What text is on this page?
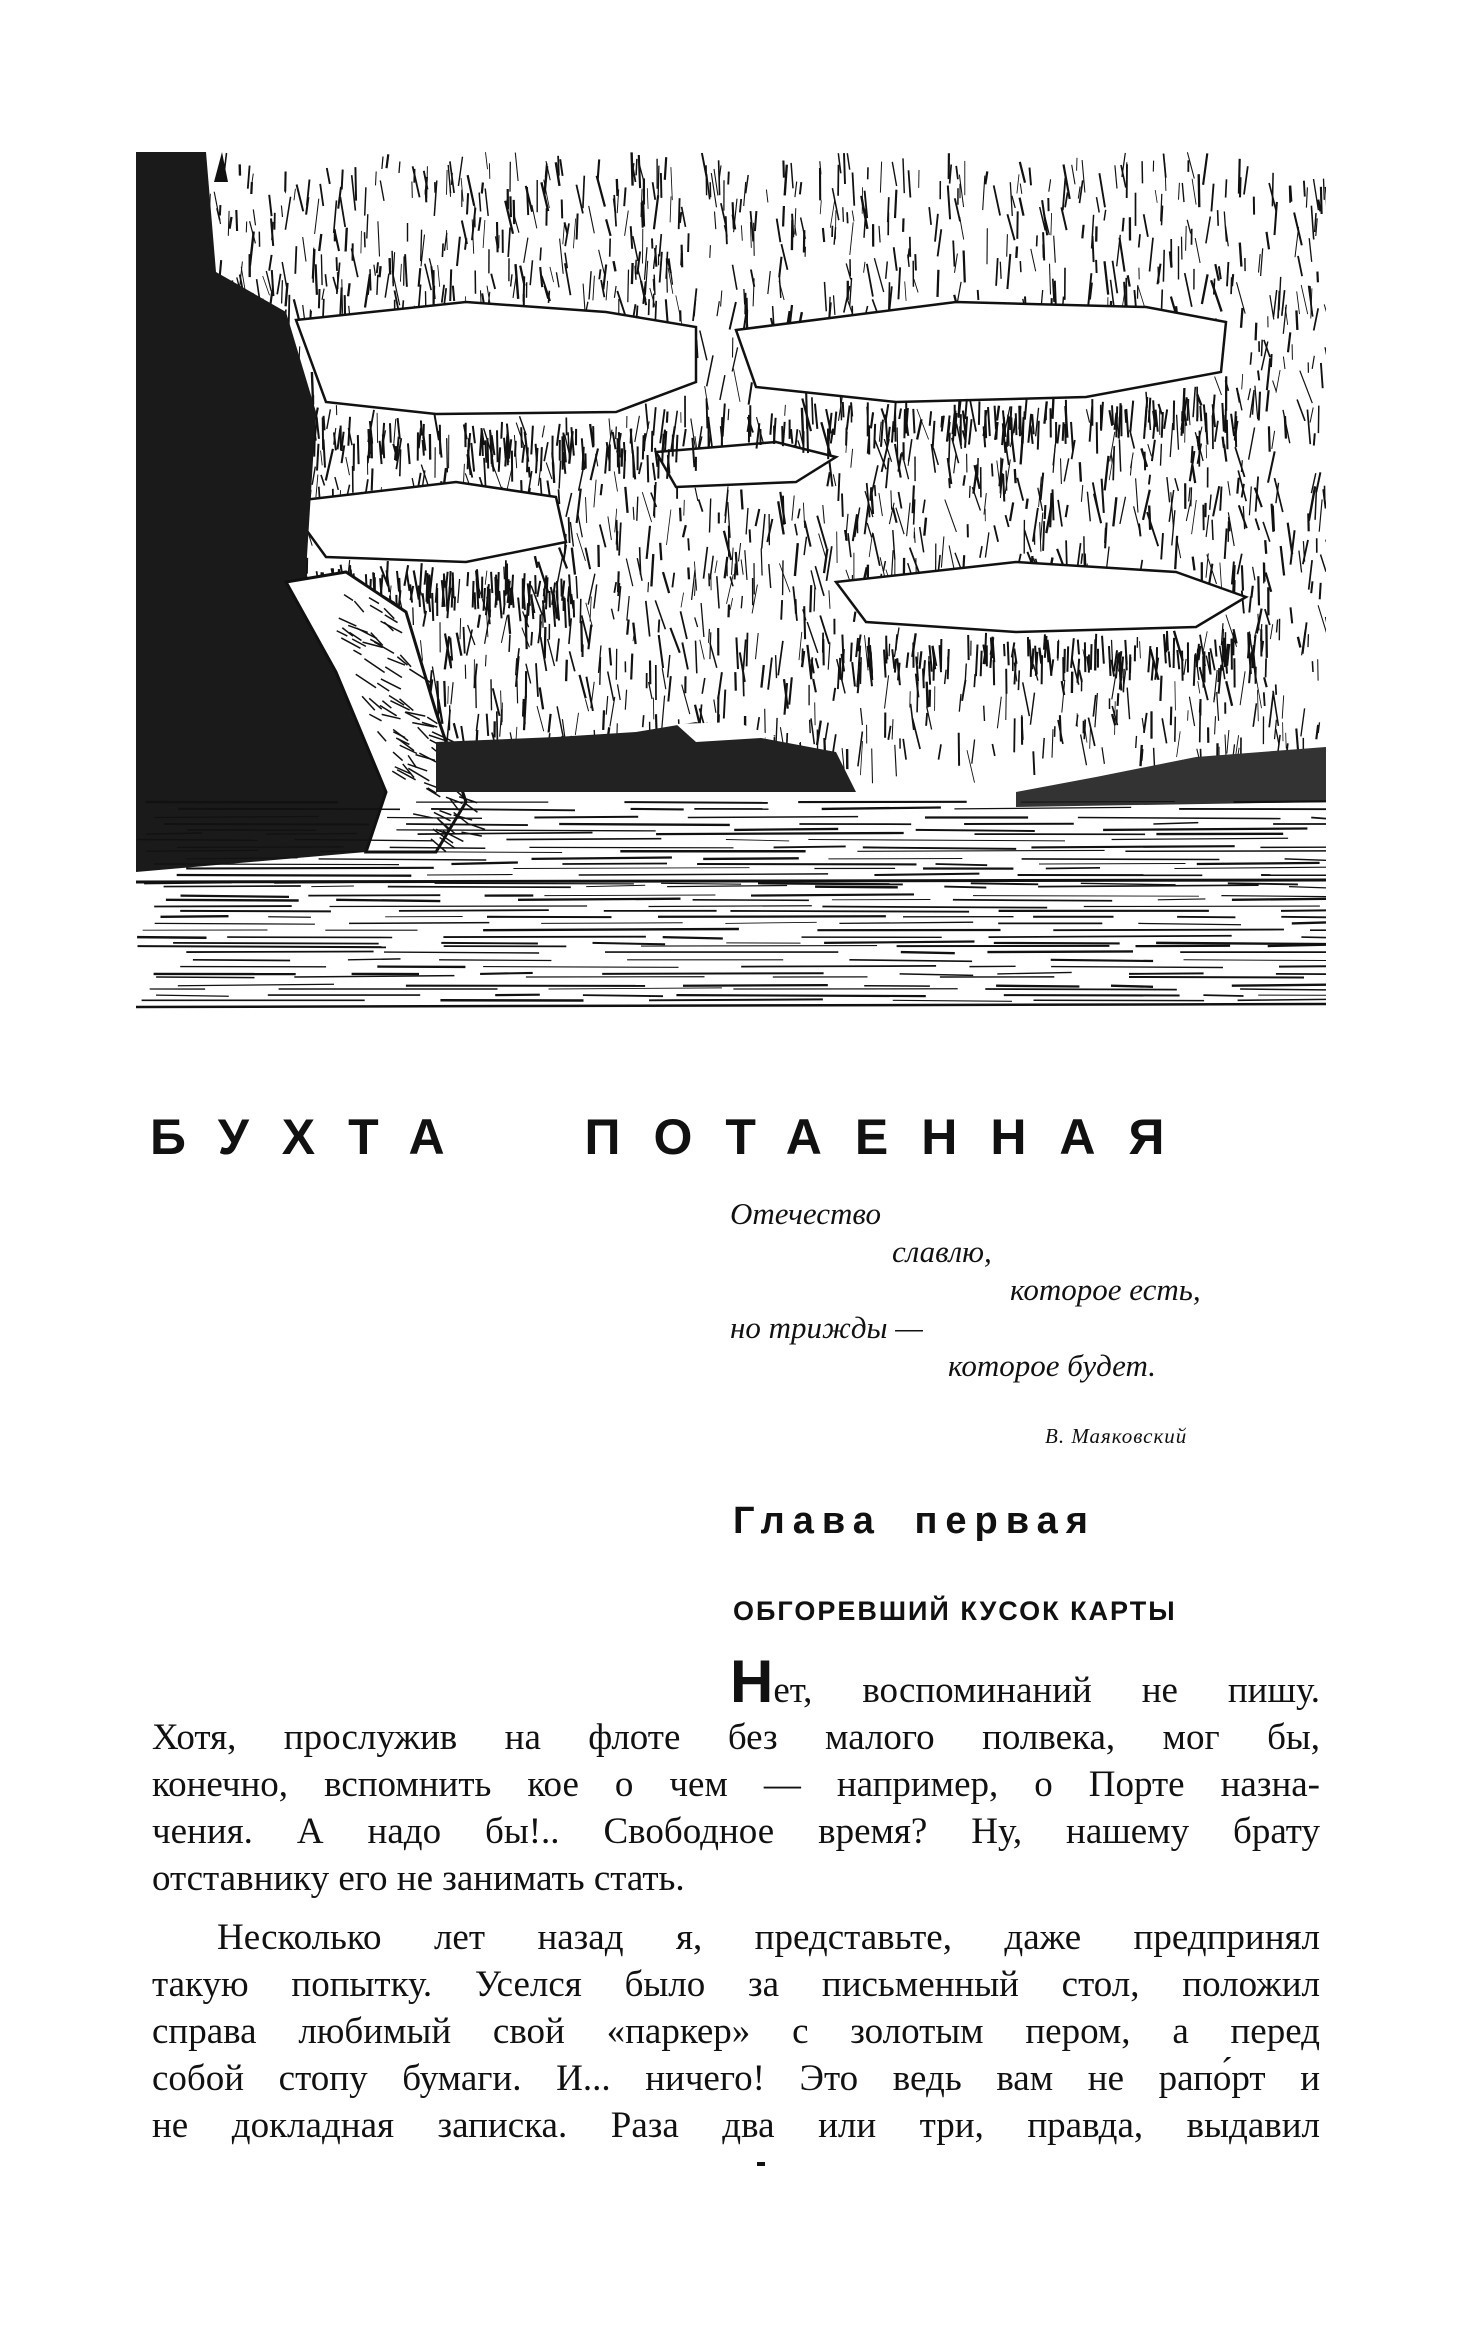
БУХТА ПОТАЕННАЯ
Отечество
славлю,
которое есть,
но трижды —
которое будет.
В. Маяковский
Глава первая
ОБГОРЕВШИЙ КУСОК КАРТЫ
Нет, воспоминаний не пишу.
Хотя, прослужив на флоте без малого полвека, мог бы,
конечно, вспомнить кое о чем — например, о Порте назна-
чения. А надо бы!.. Свободное время? Ну, нашему брату
отставнику его не занимать стать.
Несколько лет назад я, представьте, даже предпринял
такую попытку. Уселся было за письменный стол, положил
справа любимый свой «паркер» с золотым пером, а перед
собой стопу бумаги. И... ничего! Это ведь вам не рапо́рт и
не докладная записка. Раза два или три, правда, выдавил
